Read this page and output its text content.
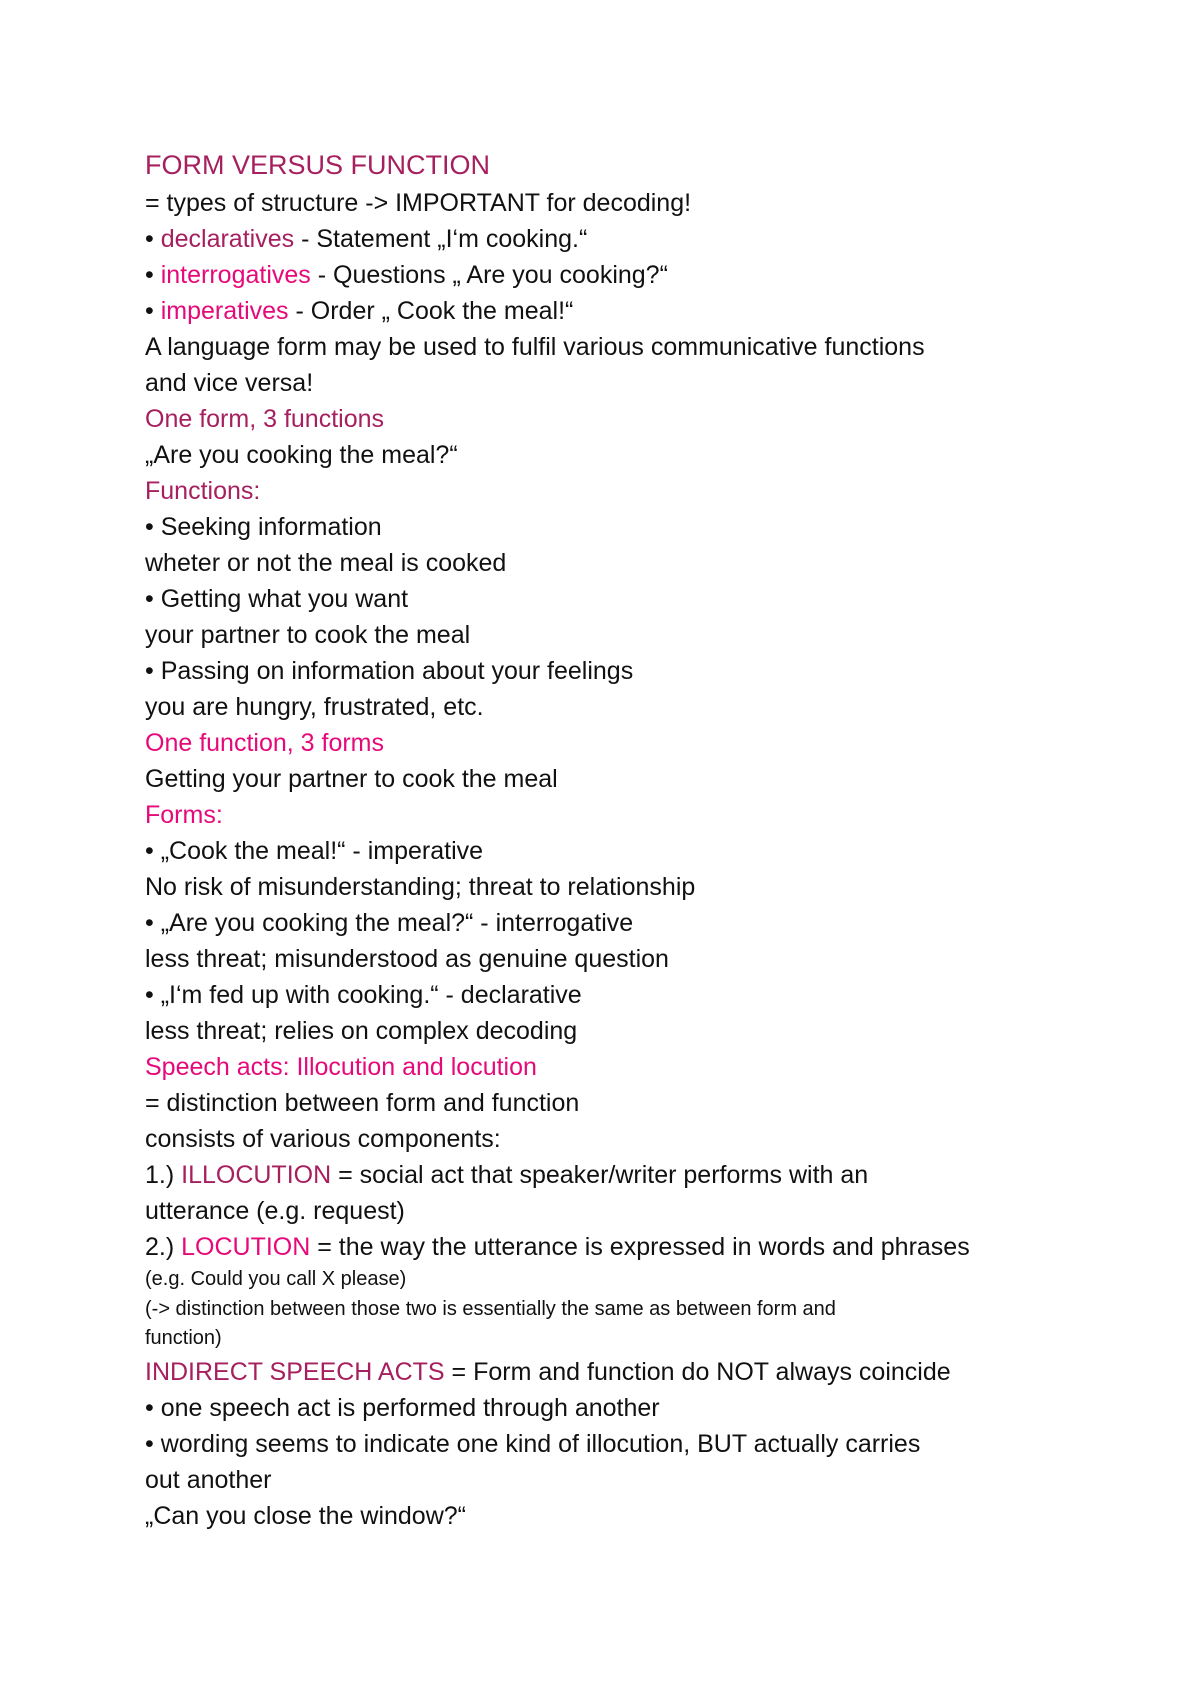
FORM VERSUS FUNCTION
= types of structure -> IMPORTANT for decoding!
• declaratives - Statement „I‘m cooking.“
• interrogatives - Questions „ Are you cooking?“
• imperatives - Order „ Cook the meal!“
A language form may be used to fulfil various communicative functions
and vice versa!
One form, 3 functions
„Are you cooking the meal?“
Functions:
• Seeking information
wheter or not the meal is cooked
• Getting what you want
your partner to cook the meal
• Passing on information about your feelings
you are hungry, frustrated, etc.
One function, 3 forms
Getting your partner to cook the meal
Forms:
• „Cook the meal!“ - imperative
No risk of misunderstanding; threat to relationship
• „Are you cooking the meal?“ - interrogative
less threat; misunderstood as genuine question
• „I‘m fed up with cooking.“ - declarative
less threat; relies on complex decoding
Speech acts: Illocution and locution
= distinction between form and function
consists of various components:
1.) ILLOCUTION = social act that speaker/writer performs with an
utterance (e.g. request)
2.) LOCUTION = the way the utterance is expressed in words and phrases
(e.g. Could you call X please)
(-> distinction between those two is essentially the same as between form and
function)
INDIRECT SPEECH ACTS = Form and function do NOT always coincide
• one speech act is performed through another
• wording seems to indicate one kind of illocution, BUT actually carries
out another
„Can you close the window?“
